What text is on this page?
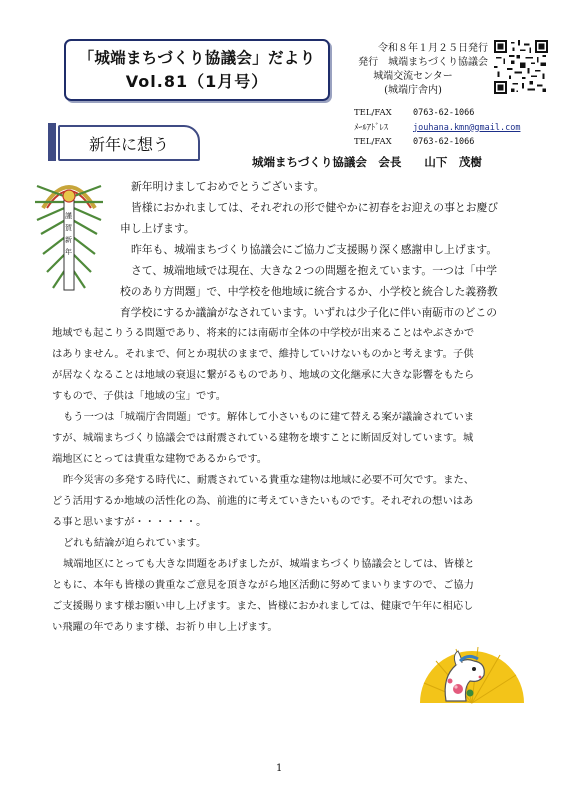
「城端まちづくり協議会」だより
Vol.81（1月号）
令和８年１月２５日発行
発行　城端まちづくり協議会
城端交流センター
(城端庁舎内)
TEL/FAX	0763-62-1066
ﾒｰﾙｱﾄﾞﾚｽ	jouhana.kmn@gmail.com
TEL/FAX	0763-62-1066
新年に想う
城端まちづくり協議会　会長　　山下　茂樹
謹 賀 新 年

新年明けましておめでとうございます。

皆様におかれましては、それぞれの形で健やかに初春をお迎えの事とお慶び

申し上げます。

昨年も、城端まちづくり協議会にご協力ご支援賜り深く感謝申し上げます。

さて、城端地域では現在、大きな２つの問題を抱えています。一つは「中学

校のあり方問題」で、中学校を他地域に統合するか、小学校と統合した義務教

育学校にするか議論がなされています。いずれは少子化に伴い南砺市のどこの

地域でも起こりうる問題であり、将来的には南砺市全体の中学校が出来ることはやぶさかで

はありません。それまで、何とか現状のままで、維持していけないものかと考えます。子供

が居なくなることは地域の衰退に繋がるものであり、地域の文化継承に大きな影響をもたら

すもので、子供は「地域の宝」です。

もう一つは「城端庁舎問題」です。解体して小さいものに建て替える案が議論されていま

すが、城端まちづくり協議会では耐震されている建物を壊すことに断固反対しています。城

端地区にとっては貴重な建物であるからです。

昨今災害の多発する時代に、耐震されている貴重な建物は地域に必要不可欠です。また、

どう活用するか地域の活性化の為、前進的に考えていきたいものです。それぞれの想いはあ

る事と思いますが・・・・・・。

どれも結論が迫られています。

城端地区にとっても大きな問題をあげましたが、城端まちづくり協議会としては、皆様と

ともに、本年も皆様の貴重なご意見を頂きながら地区活動に努めてまいりますので、ご協力

ご支援賜ります様お願い申し上げます。また、皆様におかれましては、健康で午年に相応し

い飛躍の年であります様、お祈り申し上げます。

1
